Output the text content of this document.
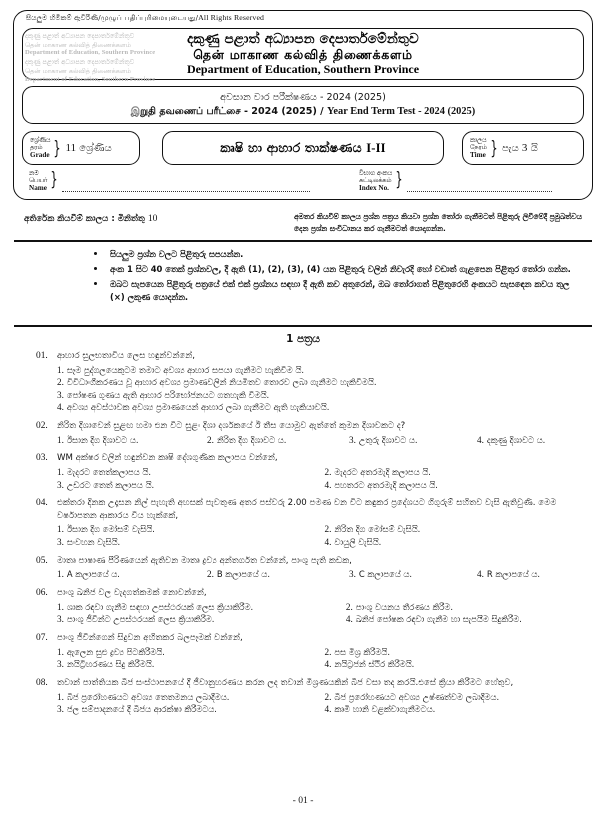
සියලුම හිමිකම් ඇවිරිණි/முழுப் பதிப்புரிமையுடையது/All Rights Reserved
දකුණු පළාත් අධ්‍යාපන දෙපාර්තමේන්තුව
தென் மாகாண கல்வித் திணைக்களம்
Department of Education, Southern Province
දකුණු පළාත් අධ්‍යාපන දෙපාර්තමේන්තුව
தென் மாகாண கல்வித் திணைக்களம்
Department of Education, Southern Province
දකුණු පළාත් අධ්‍යාපන දෙපාර්තමේන්තුව
தென் மாகாண கல்வித் திணைக்களம்
Department of Education, Southern Province
අවසාන වාර පරීක්ෂණය - 2024 (2025)
இறுதி தவணைப் பரீட்சை - 2024 (2025) / Year End Term Test - 2024 (2025)
ශ්‍රේණිය
தரம்
Grade } 11 ශ්‍රේණිය	කෘෂි හා ආහාර තාක්ෂණය I-II
කාලය
நேரம்
Time } පැය 3 යි
නම
பெயர்
Name }	විභාග අංකය
சுட்டிலக்கம்
Index No. }
අතිරේක කියවීම් කාලය : මිනිත්තු 10	අමතර කියවීම් කාලය ප්‍රශ්න පත්‍රය කියවා ප්‍රශ්න තෝරා ගැනීමටත් පිළිතුරු ලිවීමේදී ප්‍රමුඛත්වය දෙන ප්‍රශ්න සංවිධානය කර ගැනීමටත් යොදාගන්න.
සියලුම ප්‍රශ්න වලට පිළිතුරු සපයන්න.
අංක 1 සිට 40 තෙක් ප්‍රශ්නවල, දී ඇති (1), (2), (3), (4) යන පිළිතුරු වලින් නිවැරදි හෝ වඩාත් ගැළපෙන පිළිතුර තෝරා ගන්න.
ඔබට සැපයෙන පිළිතුරු පත්‍රයේ එක් එක් ප්‍රශ්නය සඳහා දී ඇති කව අතුරෙන්, ඔබ තෝරාගත් පිළිතුරෙහි අංකයට සැසඳෙන කවය තුල (×) ලකුණ යොදන්න.
1 පත්‍රය
01.	ආහාර සුලභතාවිය ලෙස හඳුන්වන්නේ,
1. සෑම පුද්ගලයෙකුටම තමාට අවශ්‍ය ආහාර සපයා ගැනීමට හැකිවීම යි.
2. විවිධාංගීකරණය වූ ආහාර අවශ්‍ය ප්‍රමාණවලින් නියමිතව තොරව ලබා ගැනීමට හැකිවීමයි.
3. පෝෂණ ගුණය ඇති ආහාර පරිභෝජනයට ගතහැකි වීමයි.
4. අවශ්‍ය අවස්ථාවක අවශ්‍ය ප්‍රමාණයෙන් ආහාර ලබා ගැනීමට ඇති හැකියාවයි.
02.	නිරිත දිශාවෙන් සුළඟ හමා එන විට සුළං දිශා දර්ශකයේ ඊ තීස යොමුව ඇත්තේ කුමන දිශාවකට ද?
1. ඊසාන දිග දිශාවට ය.	2. නිරිත දිග දිශාවට ය.	3. උතුරු දිශාවට ය.	4. දකුණු දිශාවට ය.
03.	WM අක්ෂර වලින් හඳුන්වන කෘෂි දේශගුණික කලාපය වන්නේ,
1. මැදරට තෙත්කලාපය යි.	2. මැදරට අතරමැදි කලාපය යි.
3. උඩරට තෙත් කලාපය යි.	4. පහතරට අතරමැදි කලාපය යි.
04.	එක්තරා දිනක උදෑසන නිල් පැහැති අහසක් පැවතුණ අතර පස්වරු 2.00 පමණ වන විට කඳුකර ප්‍රදේශයට ගිගුරුම් සහිතව වැසි ඇතිවුණි. මෙම වර්ෂාපතන ආකාරය විය හැක්කේ,
1. ඊසාන දිග මෝසම් වැසියි.	2. නිරිත දිග මෝසම් වැසියි.
3. සංවහන වැසියි.	4. වායුලි වැසියි.
05.	මාතෘ පාෂාණ පීරිණයෙන් ඇතිවන මාතෘ ද්‍රව්‍ය අන්තර්ගත වන්නේ, පාංශු පැති කඩක,
1. A කලාපයේ ය.	2. B කලාපයේ ය.	3. C කලාපයේ ය.	4. R කලාපයේ ය.
06.	පාංශු ඛනිජ වල වැදගත්කමක් නොවන්නේ,
1. ශාක රඳවා ගැනීම සඳහා උපස්ථරයක් ලෙස ක්‍රියාකිරීම.	2. පාංශු වයනය තීරණය කිරීම.
3. පාංශු ජීවීන්ට උපස්ථරයක් ලෙස ක්‍රියාකිරීම.	4. ඛනිජ පෝෂක රඳවා ගැනීම හා සැපයීම සිදුකිරීම.
07.	පාංශු ජීවීන්ගෙන් සිදුවන අහිතකර බලපෑමක් වන්නේ,
1. ඇලෙන සුළු ද්‍රව්‍ය පිටකිරීමයි.	2. පස මිශ්‍ර කිරීමයි.
3. නයිට්‍රිහරණය සිදු කිරීමයි.	4. නයිට්‍රජන් ස්ථිර කිරීමයි.
08.	තවාන් පාත්තියක බීජ සංස්ථාපනයේ දී ජීවානුහරණය කරන ලද තවාන් මිශ්‍රණයකින් බීජ වසා තද කරයි.එසේ ක්‍රියා කිරීමට හේතුව,
1. බීජ ප්‍රරෝහණයට අවශ්‍ය තෙතමනය ලබාදීමය.	2. බීජ ප්‍රරෝහණයට අවශ්‍ය උෂ්ණත්වම ලබාදීමය.
3. ජල සම්පාදනයේ දී බීජය ආරක්ෂා කිරීමටය.	4. කෘමි හානි වළක්වාගැනීමටය.
- 01 -
